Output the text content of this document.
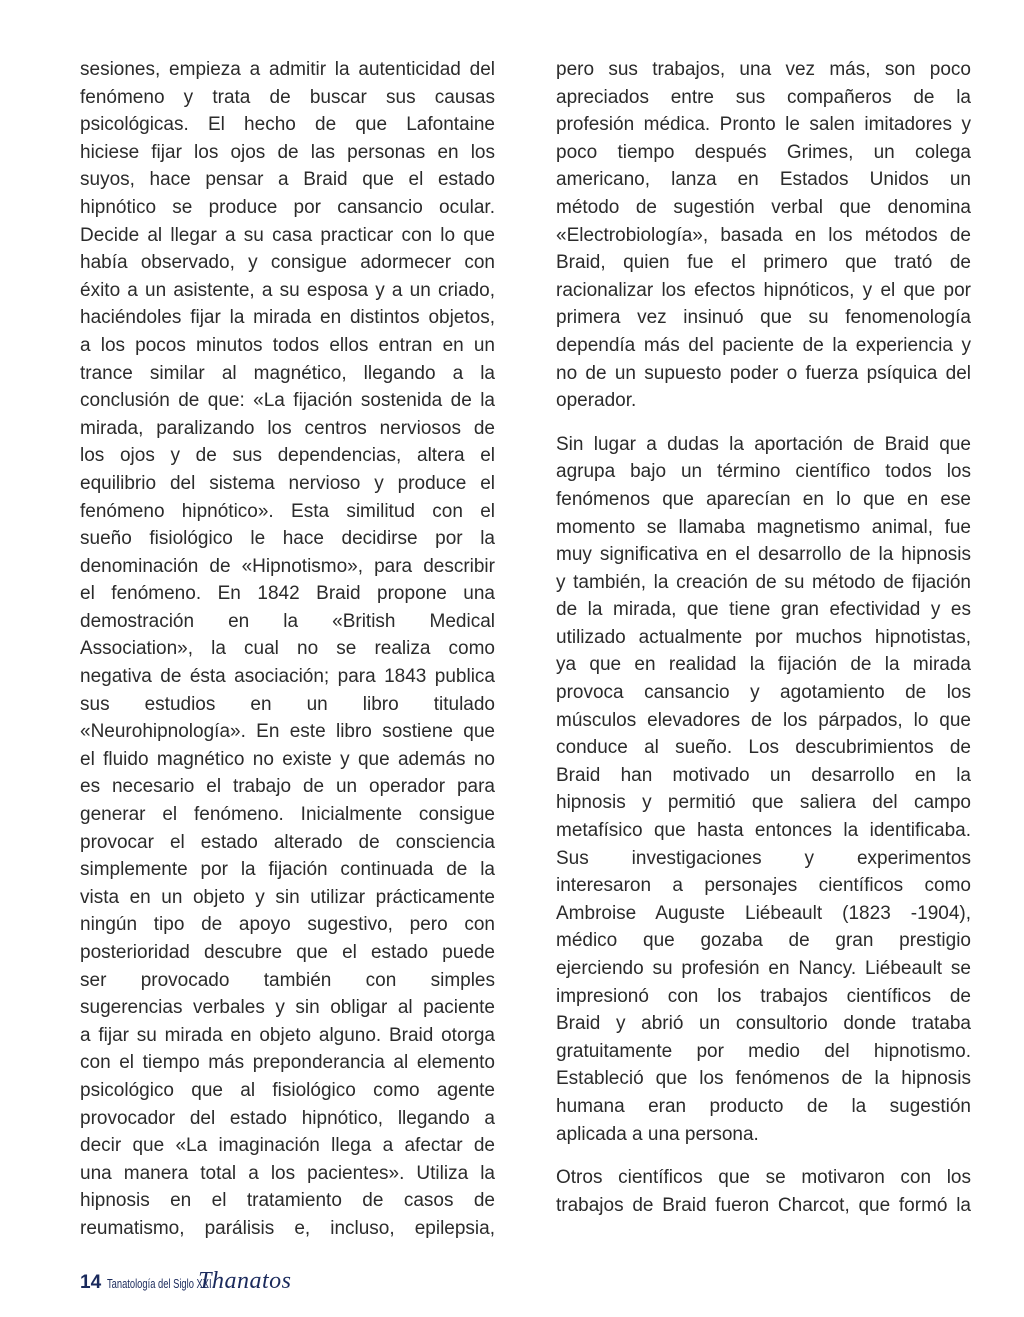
sesiones, empieza a admitir la autenticidad del
fenómeno y trata de buscar sus causas
psicológicas. El hecho de que Lafontaine
hiciese fijar los ojos de las personas en los
suyos, hace pensar a Braid que el estado
hipnótico se produce por cansancio ocular.
Decide al llegar a su casa practicar con lo que
había observado, y consigue adormecer con
éxito a un asistente, a su esposa y a un criado,
haciéndoles fijar la mirada en distintos objetos,
a los pocos minutos todos ellos entran en un
trance similar al magnético, llegando a la
conclusión de que: «La fijación sostenida de la
mirada, paralizando los centros nerviosos de
los ojos y de sus dependencias, altera el
equilibrio del sistema nervioso y produce el
fenómeno hipnótico». Esta similitud con el
sueño fisiológico le hace decidirse por la
denominación de «Hipnotismo», para describir
el fenómeno. En 1842 Braid propone una
demostración en la «British Medical
Association», la cual no se realiza como
negativa de ésta asociación; para 1843 publica
sus estudios en un libro titulado
«Neurohipnología». En este libro sostiene que
el fluido magnético no existe y que además no
es necesario el trabajo de un operador para
generar el fenómeno. Inicialmente consigue
provocar el estado alterado de consciencia
simplemente por la fijación continuada de la
vista en un objeto y sin utilizar prácticamente
ningún tipo de apoyo sugestivo, pero con
posterioridad descubre que el estado puede
ser provocado también con simples
sugerencias verbales y sin obligar al paciente
a fijar su mirada en objeto alguno. Braid otorga
con el tiempo más preponderancia al elemento
psicológico que al fisiológico como agente
provocador del estado hipnótico, llegando a
decir que «La imaginación llega a afectar de
una manera total a los pacientes». Utiliza la
hipnosis en el tratamiento de casos de
reumatismo, parálisis e, incluso, epilepsia,
pero sus trabajos, una vez más, son poco
apreciados entre sus compañeros de la
profesión médica. Pronto le salen imitadores y
poco tiempo después Grimes, un colega
americano, lanza en Estados Unidos un
método de sugestión verbal que denomina
«Electrobiología», basada en los métodos de
Braid, quien fue el primero que trató de
racionalizar los efectos hipnóticos, y el que por
primera vez insinuó que su fenomenología
dependía más del paciente de la experiencia y
no de un supuesto poder o fuerza psíquica del
operador.
Sin lugar a dudas la aportación de Braid que
agrupa bajo un término científico todos los
fenómenos que aparecían en lo que en ese
momento se llamaba magnetismo animal, fue
muy significativa en el desarrollo de la hipnosis
y también, la creación de su método de fijación
de la mirada, que tiene gran efectividad y es
utilizado actualmente por muchos hipnotistas,
ya que en realidad la fijación de la mirada
provoca cansancio y agotamiento de los
músculos elevadores de los párpados, lo que
conduce al sueño. Los descubrimientos de
Braid han motivado un desarrollo en la
hipnosis y permitió que saliera del campo
metafísico que hasta entonces la identificaba.
Sus investigaciones y experimentos
interesaron a personajes científicos como
Ambroise Auguste Liébeault (1823 -1904),
médico que gozaba de gran prestigio
ejerciendo su profesión en Nancy. Liébeault se
impresionó con los trabajos científicos de
Braid y abrió un consultorio donde trataba
gratuitamente por medio del hipnotismo.
Estableció que los fenómenos de la hipnosis
humana eran producto de la sugestión
aplicada a una persona.
Otros científicos que se motivaron con los
trabajos de Braid fueron Charcot, que formó la
14 Tanatología del Siglo XXI.
Thanatos
